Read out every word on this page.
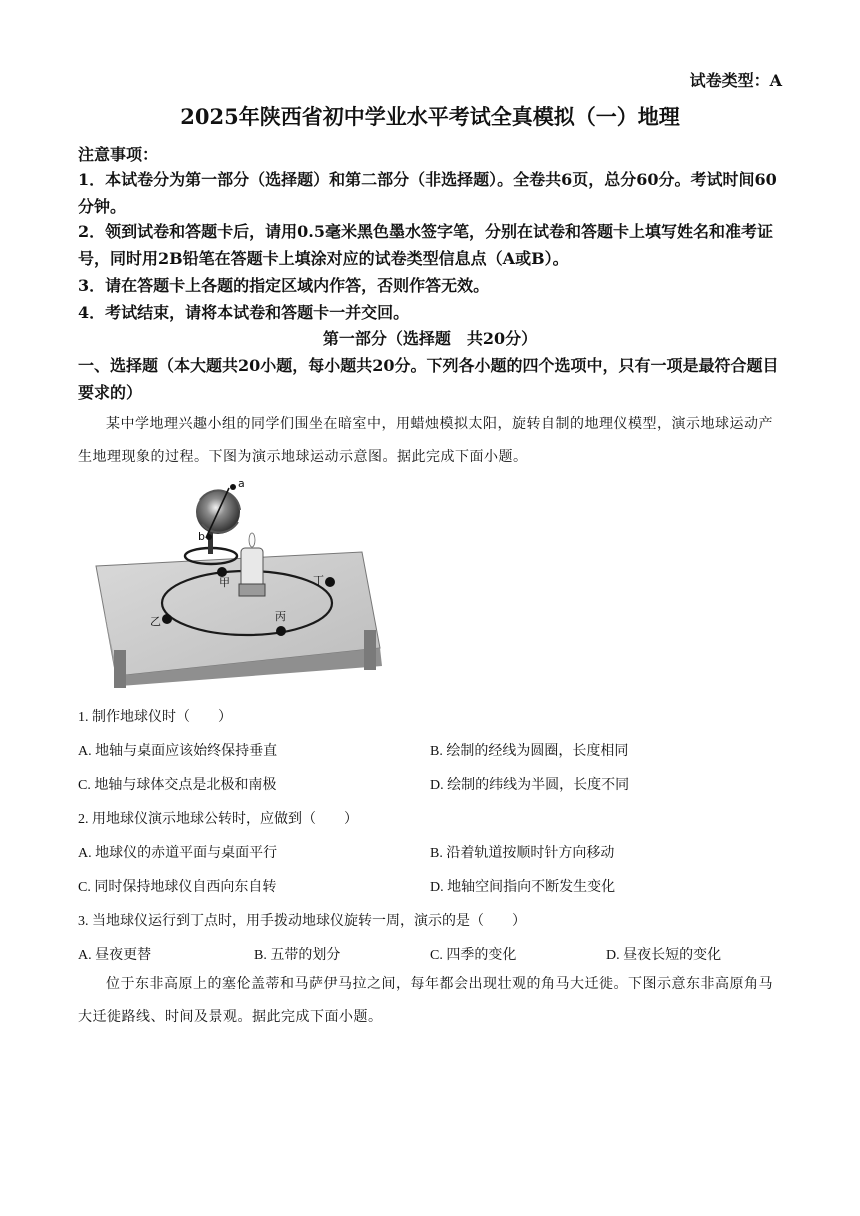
试卷类型：A
2025年陕西省初中学业水平考试全真模拟（一）地理
注意事项：
1．本试卷分为第一部分（选择题）和第二部分（非选择题）。全卷共6页，总分60分。考试时间60分钟。
2．领到试卷和答题卡后，请用0.5毫米黑色墨水签字笔，分别在试卷和答题卡上填写姓名和准考证号，同时用2B铅笔在答题卡上填涂对应的试卷类型信息点（A或B）。
3．请在答题卡上各题的指定区域内作答，否则作答无效。
4．考试结束，请将本试卷和答题卡一并交回。
第一部分（选择题　共20分）
一、选择题（本大题共20小题，每小题共20分。下列各小题的四个选项中，只有一项是最符合题目要求的）
某中学地理兴趣小组的同学们围坐在暗室中，用蜡烛模拟太阳，旋转自制的地理仪模型，演示地球运动产生地理现象的过程。下图为演示地球运动示意图。据此完成下面小题。
a
b
甲	丁
乙	丙
1. 制作地球仪时（　　）
A. 地轴与桌面应该始终保持垂直	B. 绘制的经线为圆圈，长度相同
C. 地轴与球体交点是北极和南极	D. 绘制的纬线为半圆，长度不同
2. 用地球仪演示地球公转时，应做到（　　）
A. 地球仪的赤道平面与桌面平行	B. 沿着轨道按顺时针方向移动
C. 同时保持地球仪自西向东自转	D. 地轴空间指向不断发生变化
3. 当地球仪运行到丁点时，用手拨动地球仪旋转一周，演示的是（　　）
A. 昼夜更替	B. 五带的划分	C. 四季的变化	D. 昼夜长短的变化
位于东非高原上的塞伦盖蒂和马萨伊马拉之间，每年都会出现壮观的角马大迁徙。下图示意东非高原角马大迁徙路线、时间及景观。据此完成下面小题。
